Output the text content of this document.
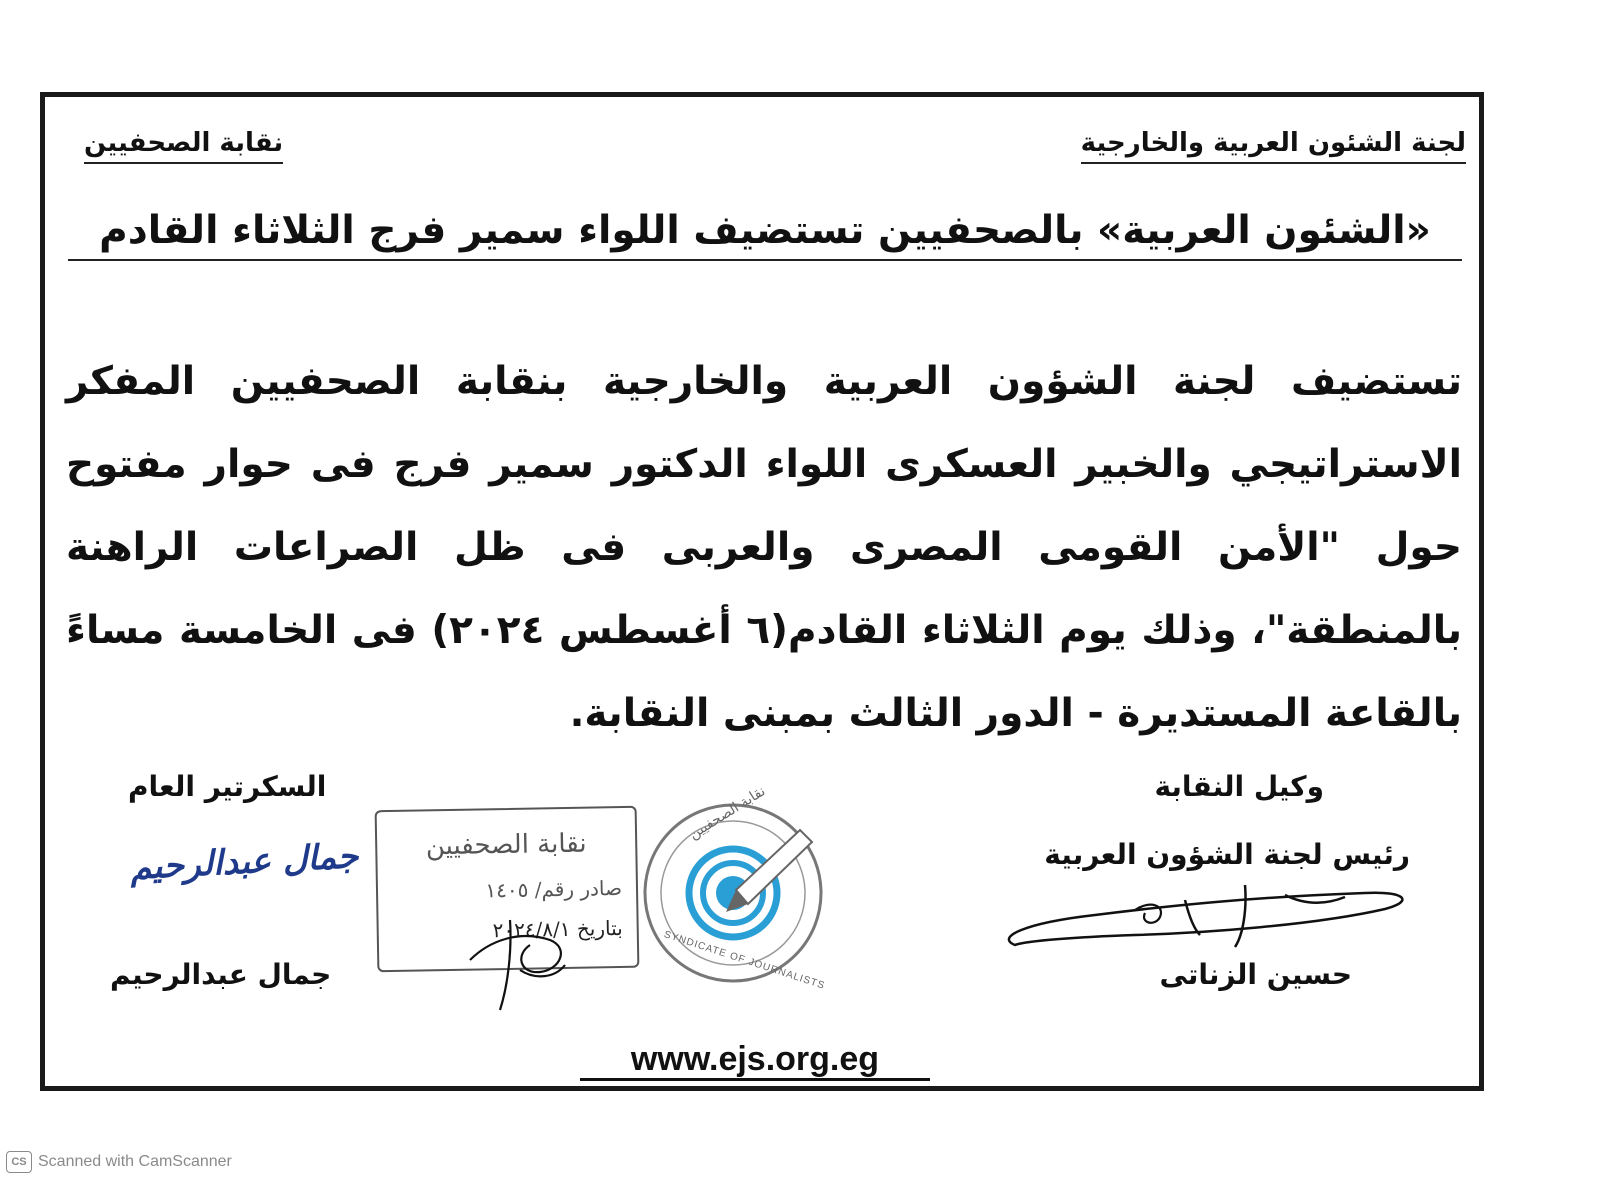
لجنة الشئون العربية والخارجية
نقابة الصحفيين
«الشئون العربية» بالصحفيين تستضيف اللواء سمير فرج الثلاثاء القادم
تستضيف لجنة الشؤون العربية والخارجية بنقابة الصحفيين المفكر الاستراتيجي والخبير العسكرى اللواء الدكتور سمير فرج فى حوار مفتوح حول "الأمن القومى المصرى والعربى فى ظل الصراعات الراهنة بالمنطقة"، وذلك يوم الثلاثاء القادم(٦ أغسطس ٢٠٢٤) فى الخامسة مساءً بالقاعة المستديرة - الدور الثالث بمبنى النقابة.
وكيل النقابة
رئيس لجنة الشؤون العربية
حسين الزناتى
السكرتير العام
جمال عبدالرحيم
جمال عبدالرحيم
نقابة الصحفيين
صادر رقم/ ١٤٠٥
بتاريخ ٢٠٢٤/٨/١
نقابة الصحفيين
SYNDICATE OF JOURNALISTS
www.ejs.org.eg
CS Scanned with CamScanner
